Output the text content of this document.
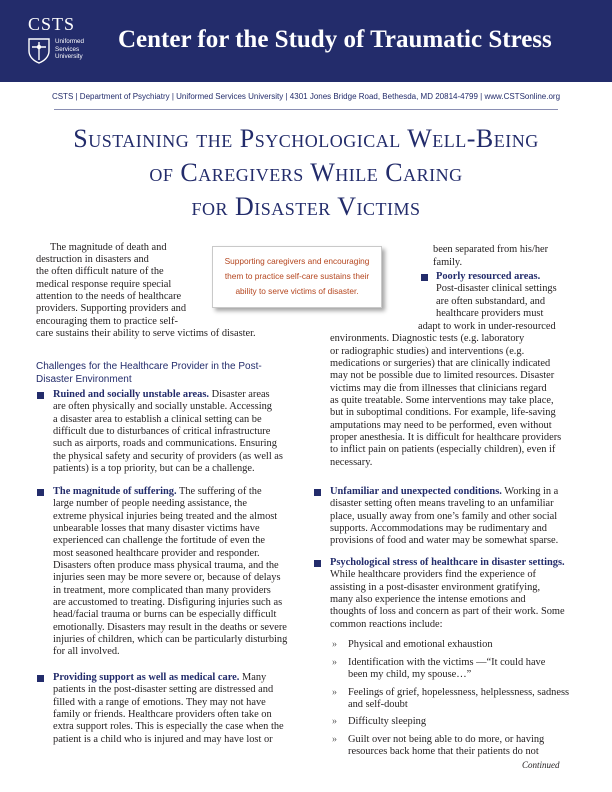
CSTS
Uniformed
Services
University
Center for the Study of Traumatic Stress
CSTS | Department of Psychiatry | Uniformed Services University | 4301 Jones Bridge Road, Bethesda, MD 20814-4799 | www.CSTSonline.org
Sustaining the Psychological Well-Being
of Caregivers While Caring
for Disaster Victims
Supporting caregivers and encouraging
them to practice self-care sustains their
ability to serve victims of disaster.
The magnitude of death and
destruction in disasters and
the often difficult nature of the
medical response require special
attention to the needs of healthcare
providers. Supporting providers and
encouraging them to practice self-
care sustains their ability to serve victims of disaster.
Challenges for the Healthcare Provider in the Post-
Disaster Environment
Ruined and socially unstable areas. Disaster areas
are often physically and socially unstable. Accessing
a disaster area to establish a clinical setting can be
difficult due to disturbances of critical infrastructure
such as airports, roads and communications. Ensuring
the physical safety and security of providers (as well as
patients) is a top priority, but can be a challenge.
The magnitude of suffering. The suffering of the
large number of people needing assistance, the
extreme physical injuries being treated and the almost
unbearable losses that many disaster victims have
experienced can challenge the fortitude of even the
most seasoned healthcare provider and responder.
Disasters often produce mass physical trauma, and the
injuries seen may be more severe or, because of delays
in treatment, more complicated than many providers
are accustomed to treating. Disfiguring injuries such as
head/facial trauma or burns can be especially difficult
emotionally. Disasters may result in the deaths or severe
injuries of children, which can be particularly disturbing
for all involved.
Providing support as well as medical care. Many
patients in the post-disaster setting are distressed and
filled with a range of emotions. They may not have
family or friends. Healthcare providers often take on
extra support roles. This is especially the case when the
patient is a child who is injured and may have lost or
been separated from his/her
family.
Poorly resourced areas.
Post-disaster clinical settings
are often substandard, and
healthcare providers must
adapt to work in under-resourced
environments. Diagnostic tests (e.g. laboratory
or radiographic studies) and interventions (e.g.
medications or surgeries) that are clinically indicated
may not be possible due to limited resources. Disaster
victims may die from illnesses that clinicians regard
as quite treatable. Some interventions may take place,
but in suboptimal conditions. For example, life-saving
amputations may need to be performed, even without
proper anesthesia. It is difficult for healthcare providers
to inflict pain on patients (especially children), even if
necessary.
Unfamiliar and unexpected conditions. Working in a
disaster setting often means traveling to an unfamiliar
place, usually away from one’s family and other social
supports. Accommodations may be rudimentary and
provisions of food and water may be somewhat sparse.
Psychological stress of healthcare in disaster settings.
While healthcare providers find the experience of
assisting in a post-disaster environment gratifying,
many also experience the intense emotions and
thoughts of loss and concern as part of their work. Some
common reactions include:
» Physical and emotional exhaustion
» Identification with the victims —“It could have
been my child, my spouse…”
» Feelings of grief, hopelessness, helplessness, sadness
and self-doubt
» Difficulty sleeping
» Guilt over not being able to do more, or having
resources back home that their patients do not
Continued
